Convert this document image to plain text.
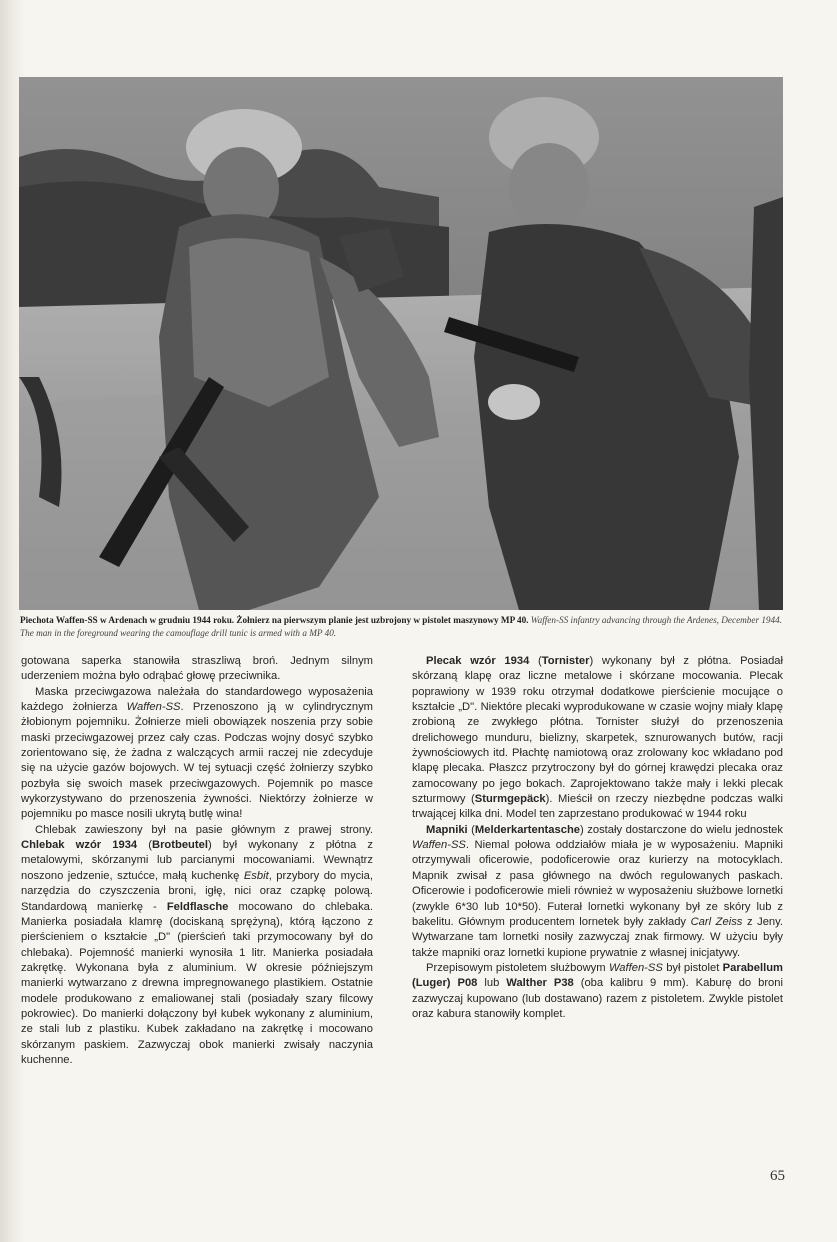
Piechota Waffen-SS w Ardenach w grudniu 1944 roku. Żołnierz na pierwszym planie jest uzbrojony w pistolet maszynowy MP 40. Waffen-SS infantry advancing through the Ardenes, December 1944. The man in the foreground wearing the camouflage drill tunic is armed with a MP 40.

gotowana saperka stanowiła straszliwą broń. Jednym silnym uderzeniem można było odrąbać głowę przeciwnika.

Maska przeciwgazowa należała do standardowego wyposażenia każdego żołnierza Waffen-SS. Przenoszono ją w cylindrycznym żłobionym pojemniku. Żołnierze mieli obowiązek noszenia przy sobie maski przeciwgazowej przez cały czas. Podczas wojny dosyć szybko zorientowano się, że żadna z walczących armii raczej nie zdecyduje się na użycie gazów bojowych. W tej sytuacji część żołnierzy szybko pozbyła się swoich masek przeciwgazowych. Pojemnik po masce wykorzystywano do przenoszenia żywności. Niektórzy żołnierze w pojemniku po masce nosili ukrytą butlę wina!

Chlebak zawieszony był na pasie głównym z prawej strony. Chlebak wzór 1934 (Brotbeutel) był wykonany z płótna z metalowymi, skórzanymi lub parcianymi mocowaniami. Wewnątrz noszono jedzenie, sztućce, małą kuchenkę Esbit, przybory do mycia, narzędzia do czyszczenia broni, igłę, nici oraz czapkę polową. Standardową manierkę - Feldflasche mocowano do chlebaka. Manierka posiadała klamrę (dociskaną sprężyną), którą łączono z pierścieniem o kształcie „D" (pierścień taki przymocowany był do chlebaka). Pojemność manierki wynosiła 1 litr. Manierka posiadała zakrętkę. Wykonana była z aluminium. W okresie późniejszym manierki wytwarzano z drewna impregnowanego plastikiem. Ostatnie modele produkowano z emaliowanej stali (posiadały szary filcowy pokrowiec). Do manierki dołączony był kubek wykonany z aluminium, ze stali lub z plastiku. Kubek zakładano na zakrętkę i mocowano skórzanym paskiem. Zazwyczaj obok manierki zwisały naczynia kuchenne.

Plecak wzór 1934 (Tornister) wykonany był z płótna. Posiadał skórzaną klapę oraz liczne metalowe i skórzane mocowania. Plecak poprawiony w 1939 roku otrzymał dodatkowe pierścienie mocujące o kształcie „D". Niektóre plecaki wyprodukowane w czasie wojny miały klapę zrobioną ze zwykłego płótna. Tornister służył do przenoszenia drelichowego munduru, bielizny, skarpetek, sznurowanych butów, racji żywnościowych itd. Płachtę namiotową oraz zrolowany koc wkładano pod klapę plecaka. Płaszcz przytroczony był do górnej krawędzi plecaka oraz zamocowany po jego bokach. Zaprojektowano także mały i lekki plecak szturmowy (Sturmgepäck). Mieścił on rzeczy niezbędne podczas walki trwającej kilka dni. Model ten zaprzestano produkować w 1944 roku

Mapniki (Melderkartentasche) zostały dostarczone do wielu jednostek Waffen-SS. Niemal połowa oddziałów miała je w wyposażeniu. Mapniki otrzymywali oficerowie, podoficerowie oraz kurierzy na motocyklach. Mapnik zwisał z pasa głównego na dwóch regulowanych paskach. Oficerowie i podoficerowie mieli również w wyposażeniu służbowe lornetki (zwykle 6*30 lub 10*50). Futerał lornetki wykonany był ze skóry lub z bakelitu. Głównym producentem lornetek były zakłady Carl Zeiss z Jeny. Wytwarzane tam lornetki nosiły zazwyczaj znak firmowy. W użyciu były także mapniki oraz lornetki kupione prywatnie z własnej inicjatywy.

Przepisowym pistoletem służbowym Waffen-SS był pistolet Parabellum (Luger) P08 lub Walther P38 (oba kalibru 9 mm). Kaburę do broni zazwyczaj kupowano (lub dostawano) razem z pistoletem. Zwykle pistolet oraz kabura stanowiły komplet.

65
